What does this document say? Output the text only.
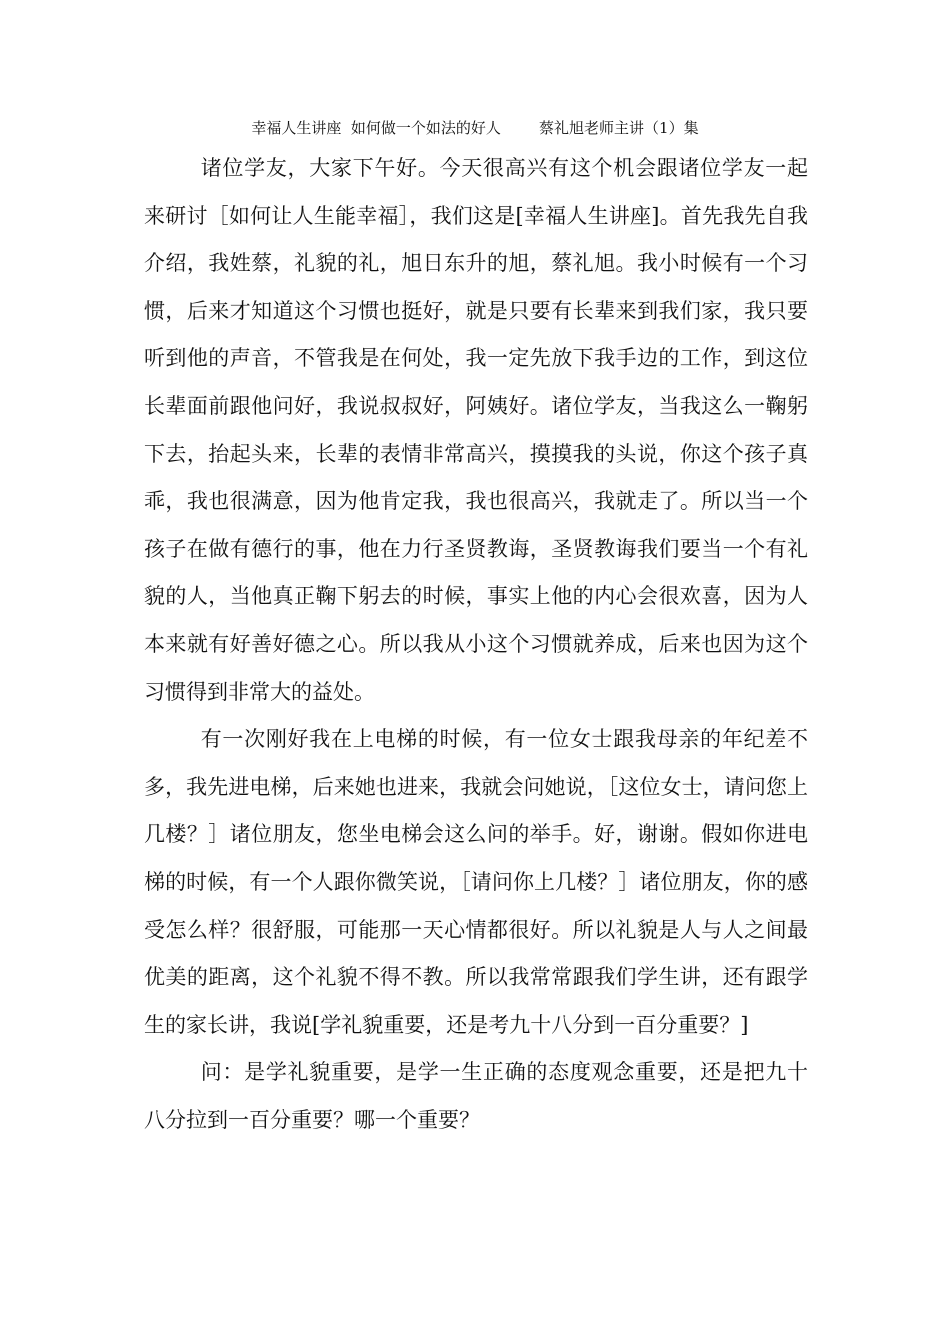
幸福人生讲座  如何做一个如法的好人        蔡礼旭老师主讲（1）集

诸位学友，大家下午好。今天很高兴有这个机会跟诸位学友一起来研讨［如何让人生能幸福］，我们这是[幸福人生讲座]。首先我先自我介绍，我姓蔡，礼貌的礼，旭日东升的旭，蔡礼旭。我小时候有一个习惯，后来才知道这个习惯也挺好，就是只要有长辈来到我们家，我只要听到他的声音，不管我是在何处，我一定先放下我手边的工作，到这位长辈面前跟他问好，我说叔叔好，阿姨好。诸位学友，当我这么一鞠躬下去，抬起头来，长辈的表情非常高兴，摸摸我的头说，你这个孩子真乖，我也很满意，因为他肯定我，我也很高兴，我就走了。所以当一个孩子在做有德行的事，他在力行圣贤教诲，圣贤教诲我们要当一个有礼貌的人，当他真正鞠下躬去的时候，事实上他的内心会很欢喜，因为人本来就有好善好德之心。所以我从小这个习惯就养成，后来也因为这个习惯得到非常大的益处。

有一次刚好我在上电梯的时候，有一位女士跟我母亲的年纪差不多，我先进电梯，后来她也进来，我就会问她说，［这位女士，请问您上几楼？］诸位朋友，您坐电梯会这么问的举手。好，谢谢。假如你进电梯的时候，有一个人跟你微笑说，［请问你上几楼？］诸位朋友，你的感受怎么样？很舒服，可能那一天心情都很好。所以礼貌是人与人之间最优美的距离，这个礼貌不得不教。所以我常常跟我们学生讲，还有跟学生的家长讲，我说[学礼貌重要，还是考九十八分到一百分重要？]

问：是学礼貌重要，是学一生正确的态度观念重要，还是把九十八分拉到一百分重要？哪一个重要？
